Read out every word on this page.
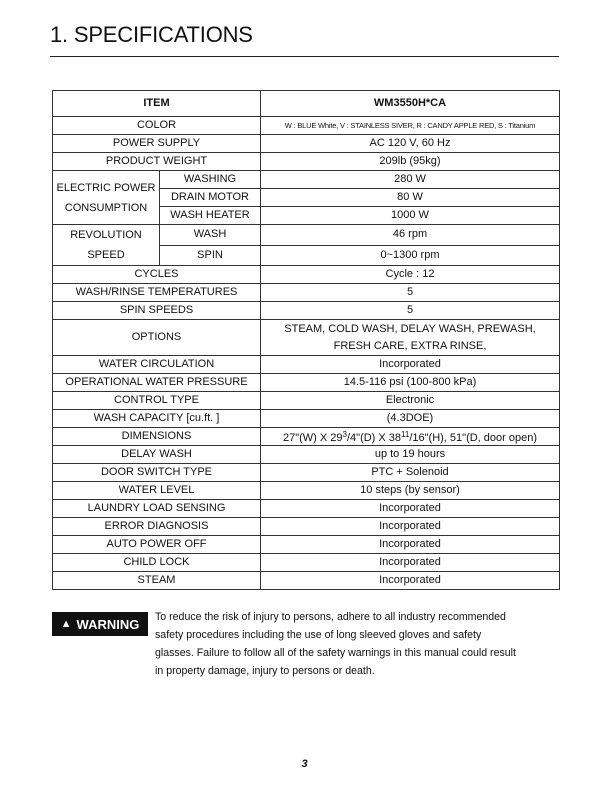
1. SPECIFICATIONS
ITEM		WM3550H*CA
COLOR		W : BLUE White, V : STAINLESS SIVER, R : CANDY APPLE RED, S : Titanium
POWER SUPPLY		AC 120 V, 60 Hz
PRODUCT WEIGHT		209lb (95kg)
ELECTRIC POWER
CONSUMPTION	WASHING	280 W
	DRAIN MOTOR	80 W
	WASH HEATER	1000 W
REVOLUTION
SPEED	WASH	46 rpm
	SPIN	0~1300 rpm
CYCLES		Cycle : 12
WASH/RINSE TEMPERATURES		5
SPIN SPEEDS		5
OPTIONS		STEAM, COLD WASH, DELAY WASH, PREWASH,
FRESH CARE, EXTRA RINSE,
WATER CIRCULATION		Incorporated
OPERATIONAL WATER PRESSURE		14.5-116 psi (100-800 kPa)
CONTROL TYPE		Electronic
WASH CAPACITY [cu.ft. ]		(4.3DOE)
DIMENSIONS		27"(W) X $29^3/4"(D)$ X $38^{11}/16"(H)$, 51"(D, door open)
DELAY WASH		up to 19 hours
DOOR SWITCH TYPE		PTC + Solenoid
WATER LEVEL		10 steps (by sensor)
LAUNDRY LOAD SENSING		Incorporated
ERROR DIAGNOSIS		Incorporated
AUTO POWER OFF		Incorporated
CHILD LOCK		Incorporated
STEAM		Incorporated
▲ WARNING To reduce the risk of injury to persons, adhere to all industry recommended
safety procedures including the use of long sleeved gloves and safety
glasses. Failure to follow all of the safety warnings in this manual could result
in property damage, injury to persons or death.

3
